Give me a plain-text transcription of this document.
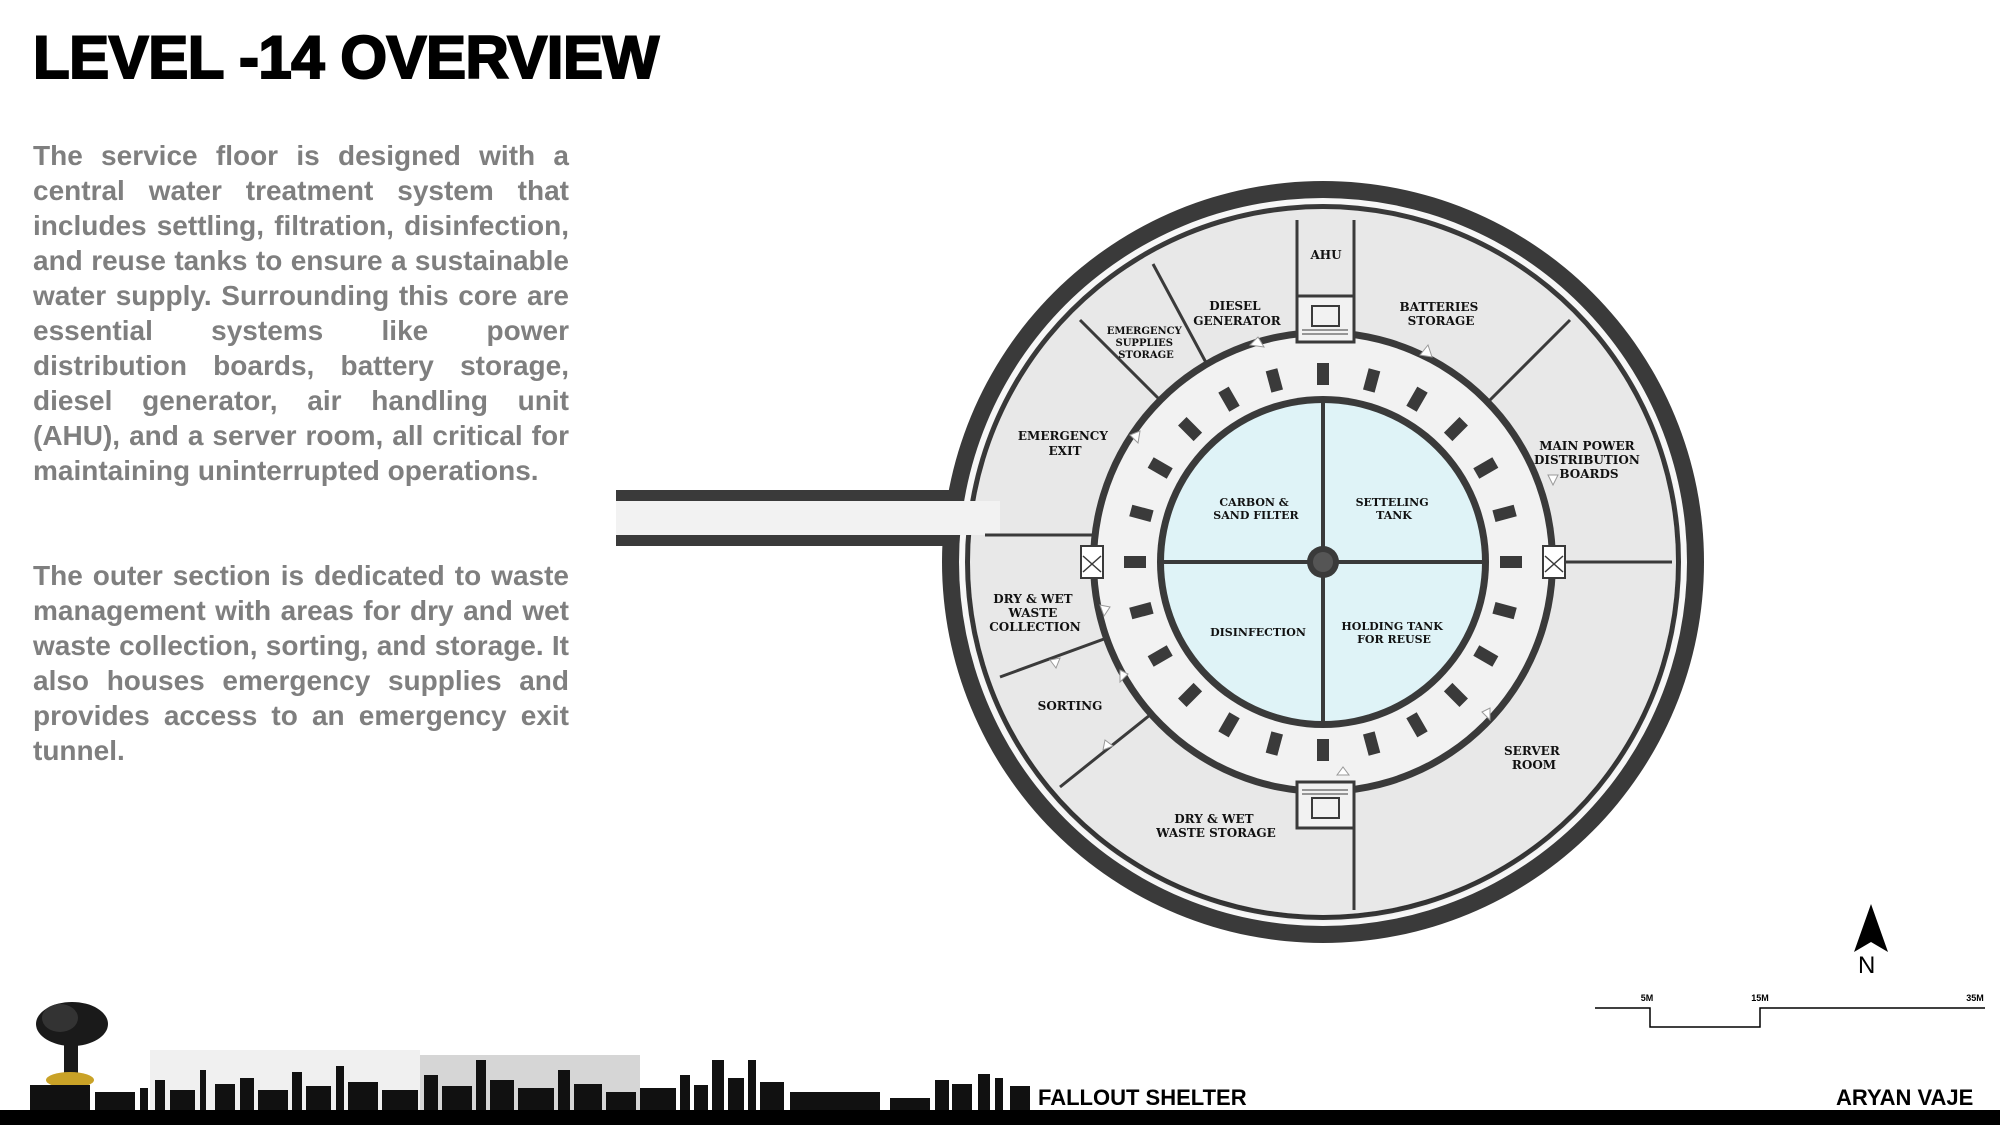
LEVEL -14 OVERVIEW

The service floor is designed with a central water treatment system that includes settling, filtration, disinfection, and reuse tanks to ensure a sustainable water supply. Surrounding this core are essential systems like power distribution boards, battery storage, diesel generator, air handling unit (AHU), and a server room, all critical for maintaining uninterrupted operations.

The outer section is dedicated to waste management with areas for dry and wet waste collection, sorting, and storage. It also houses emergency supplies and provides access to an emergency exit tunnel.

AHU
DIESEL GENERATOR
BATTERIES STORAGE
EMERGENCY SUPPLIES STORAGE
EMERGENCY EXIT	MAIN POWER DISTRIBUTION BOARDS
DRY & WET WASTE COLLECTION
SORTING
SERVER ROOM
DRY & WET WASTE STORAGE
CARBON & SAND FILTER
SETTELING TANK
DISINFECTION	HOLDING TANK FOR REUSE
N
5M	15M	35M
FALLOUT SHELTER	ARYAN VAJE
